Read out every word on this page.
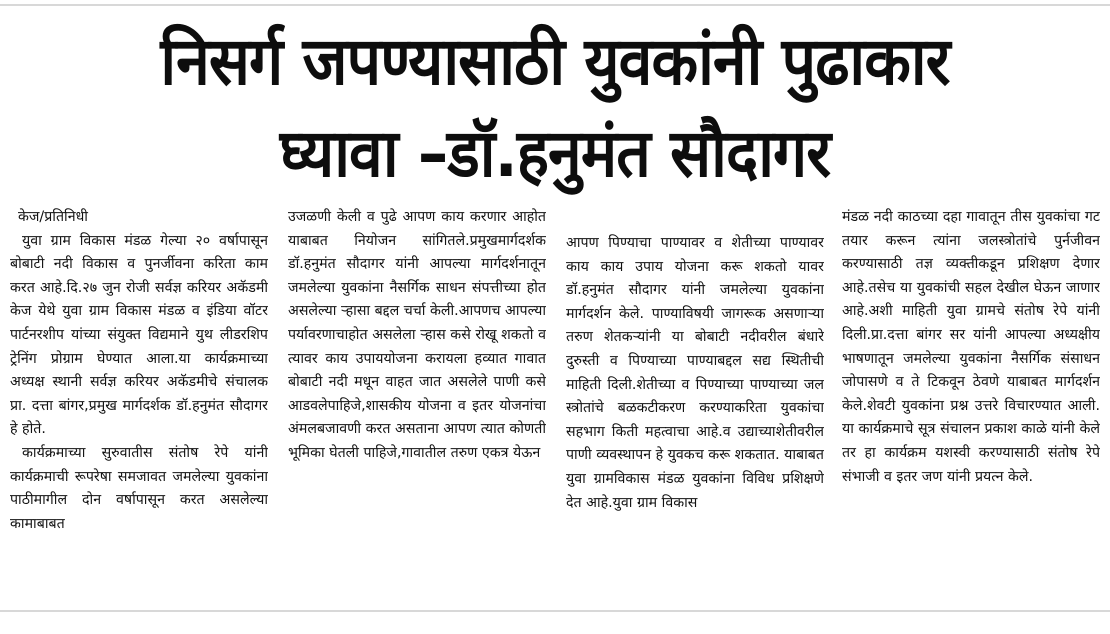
निसर्ग जपण्यासाठी युवकांनी पुढाकार
घ्यावा –डॉ.हनुमंत सौदागर

केज/प्रतिनिधी

युवा ग्राम विकास मंडळ गेल्या २० वर्षापासून बोबाटी नदी विकास व पुनर्जीवना करिता काम करत आहे.दि.२७ जुन रोजी सर्वज्ञ करियर अकॅडमी केज येथे युवा ग्राम विकास मंडळ व इंडिया वॉटर पार्टनरशीप यांच्या संयुक्त विद्यमाने युथ लीडरशिप ट्रेनिंग प्रोग्राम घेण्यात आला.या कार्यक्रमाच्या अध्यक्ष स्थानी सर्वज्ञ करियर अकॅडमीचे संचालक प्रा. दत्ता बांगर,प्रमुख मार्गदर्शक डॉ.हनुमंत सौदागर हे होते.

कार्यक्रमाच्या सुरुवातीस संतोष रेपे यांनी कार्यक्रमाची रूपरेषा समजावत जमलेल्या युवकांना पाठीमागील दोन वर्षापासून करत असलेल्या कामाबाबत

उजळणी केली व पुढे आपण काय करणार आहोत याबाबत नियोजन सांगितले.प्रमुखमार्गदर्शक डॉ.हनुमंत सौदागर यांनी आपल्या मार्गदर्शनातून जमलेल्या युवकांना नैसर्गिक साधन संपत्तीच्या होत असलेल्या ऱ्हासा बद्दल चर्चा केली.आपणच आपल्या पर्यावरणाचाहोत असलेला ऱ्हास कसे रोखू शकतो व त्यावर काय उपाययोजना करायला हव्यात गावात बोबाटी नदी मधून वाहत जात असलेले पाणी कसे आडवलेपाहिजे,शासकीय योजना व इतर योजनांचा अंमलबजावणी करत असताना आपण त्यात कोणती भूमिका घेतली पाहिजे,गावातील तरुण एकत्र येऊन

आपण पिण्याचा पाण्यावर व शेतीच्या पाण्यावर काय काय उपाय योजना करू शकतो यावर डॉ.हनुमंत सौदागर यांनी जमलेल्या युवकांना मार्गदर्शन केले. पाण्याविषयी जागरूक असणाऱ्या तरुण शेतकऱ्यांनी या बोबाटी नदीवरील बंधारे दुरुस्ती व पिण्याच्या पाण्याबद्दल सद्य स्थितीची माहिती दिली.शेतीच्या व पिण्याच्या पाण्याच्या जल स्त्रोतांचे बळकटीकरण करण्याकरिता युवकांचा सहभाग किती महत्वाचा आहे.व उद्याच्याशेतीवरील पाणी व्यवस्थापन हे युवकच करू शकतात. याबाबत युवा ग्रामविकास मंडळ युवकांना विविध प्रशिक्षणे देत आहे.युवा ग्राम विकास

मंडळ नदी काठच्या दहा गावातून तीस युवकांचा गट तयार करून त्यांना जलस्त्रोतांचे पुर्नजीवन करण्यासाठी तज्ञ व्यक्तीकडून प्रशिक्षण देणार आहे.तसेच या युवकांची सहल देखील घेऊन जाणार आहे.अशी माहिती युवा ग्रामचे संतोष रेपे यांनी दिली.प्रा.दत्ता बांगर सर यांनी आपल्या अध्यक्षीय भाषणातून जमलेल्या युवकांना नैसर्गिक संसाधन जोपासणे व ते टिकवून ठेवणे याबाबत मार्गदर्शन केले.शेवटी युवकांना प्रश्न उत्तरे विचारण्यात आली. या कार्यक्रमाचे सूत्र संचालन प्रकाश काळे यांनी केले तर हा कार्यक्रम यशस्वी करण्यासाठी संतोष रेपे संभाजी व इतर जण यांनी प्रयत्न केले.
